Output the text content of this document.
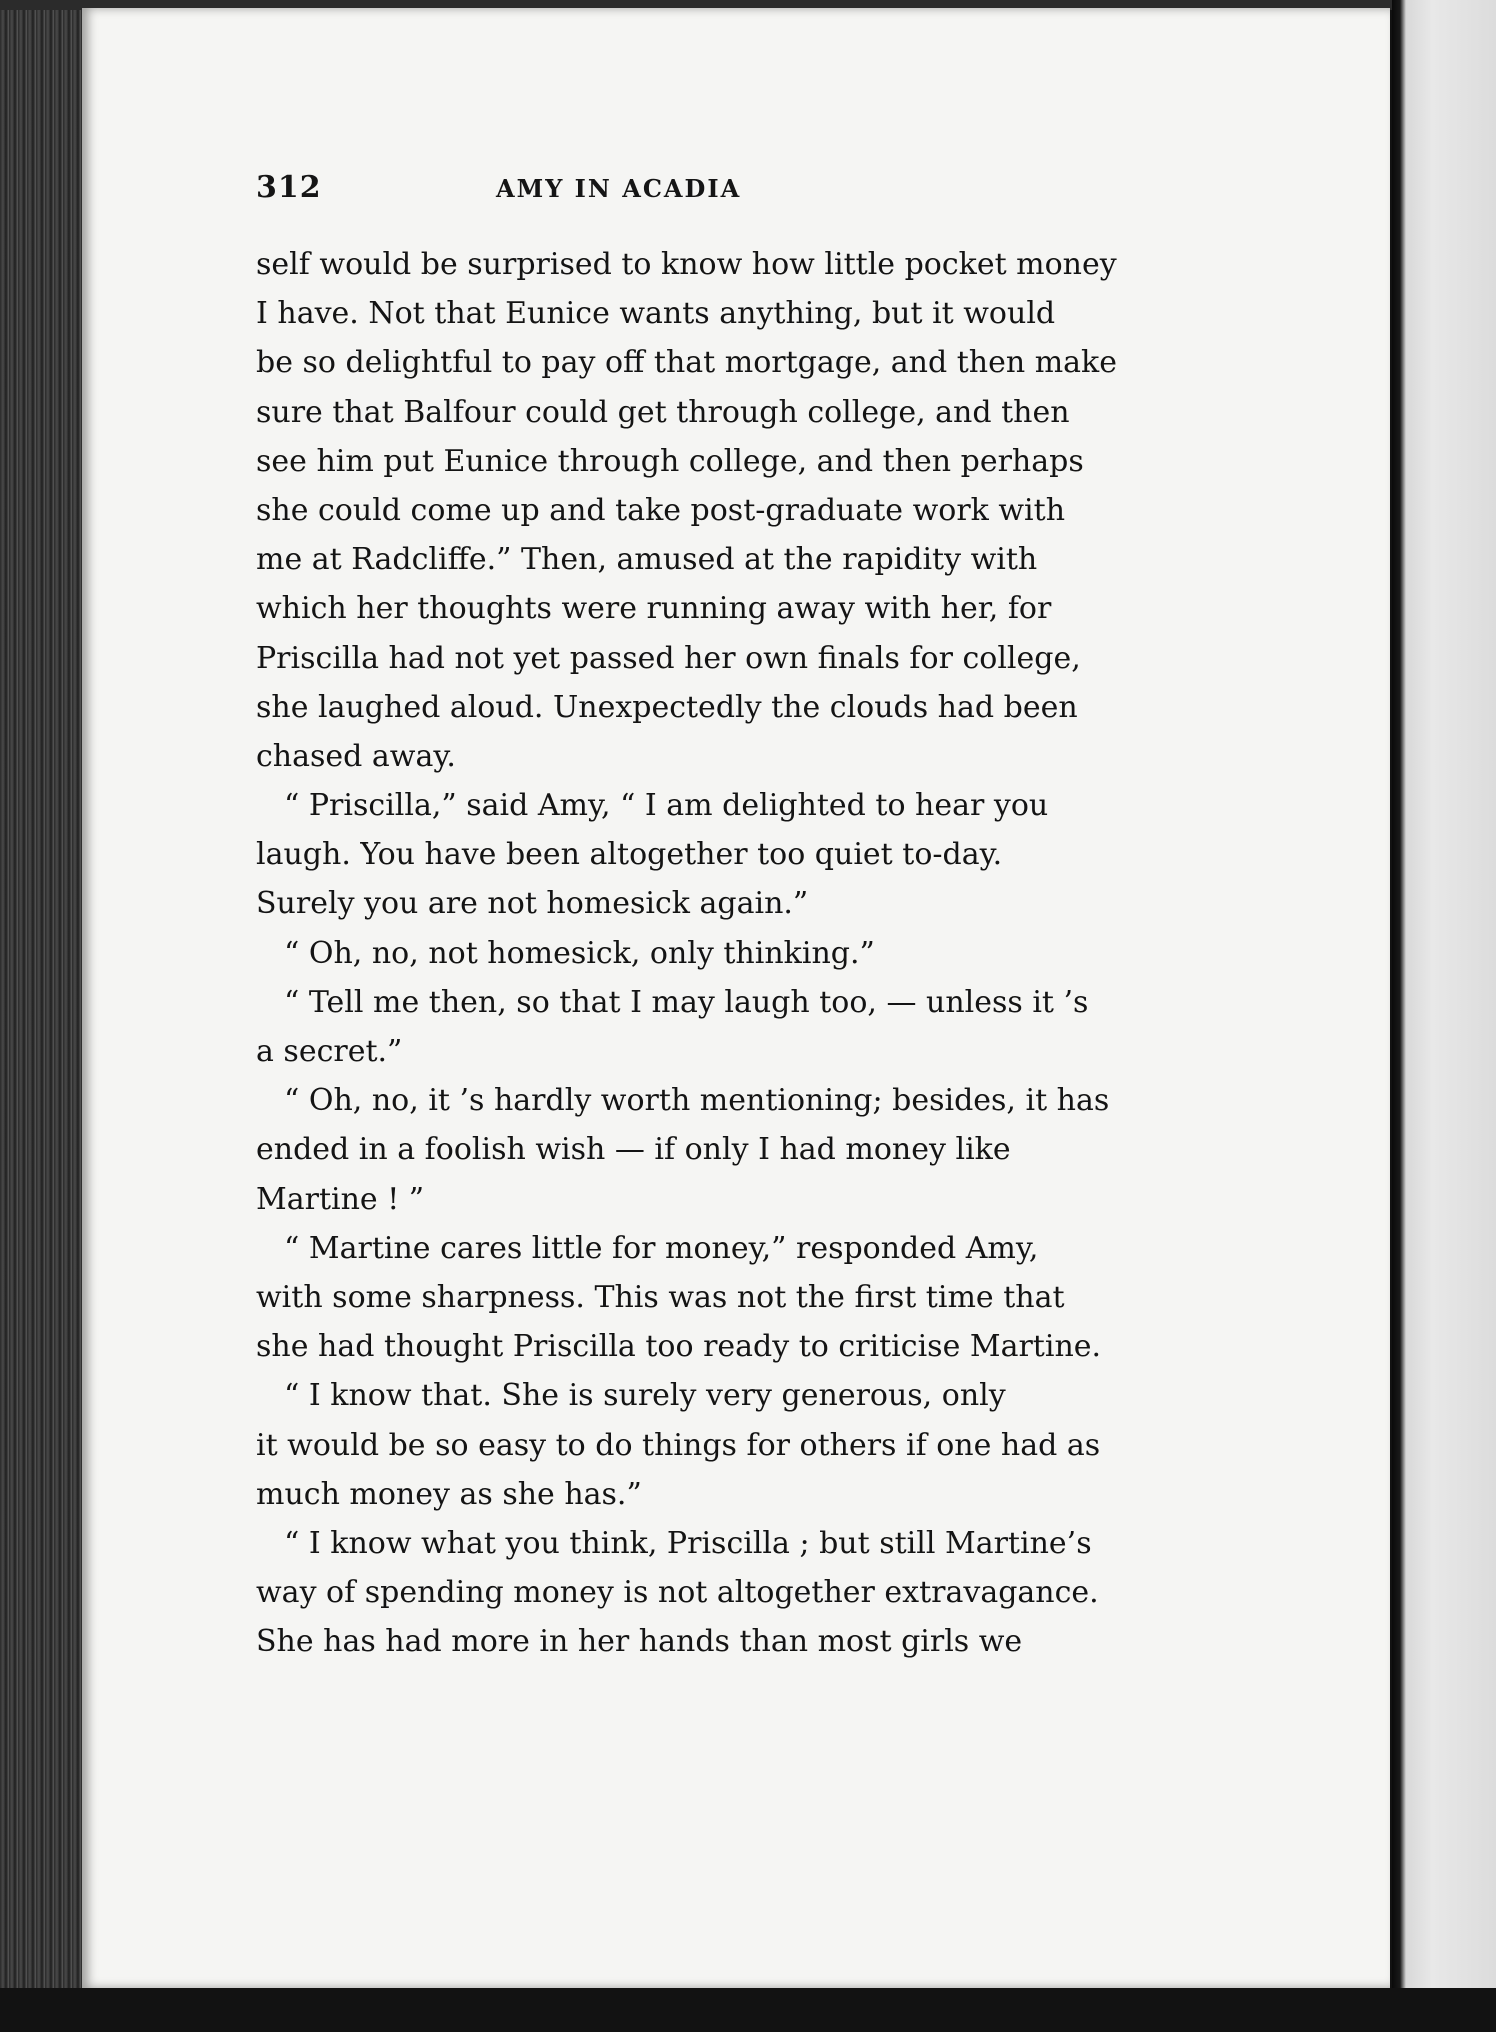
312	AMY IN ACADIA
self would be surprised to know how little pocket money
I have. Not that Eunice wants anything, but it would
be so delightful to pay off that mortgage, and then make
sure that Balfour could get through college, and then
see him put Eunice through college, and then perhaps
she could come up and take post-graduate work with
me at Radcliffe.” Then, amused at the rapidity with
which her thoughts were running away with her, for
Priscilla had not yet passed her own finals for college,
she laughed aloud. Unexpectedly the clouds had been
chased away.
“ Priscilla,” said Amy, “ I am delighted to hear you
laugh. You have been altogether too quiet to-day.
Surely you are not homesick again.”
“ Oh, no, not homesick, only thinking.”
“ Tell me then, so that I may laugh too, — unless it ’s
a secret.”
“ Oh, no, it ’s hardly worth mentioning; besides, it has
ended in a foolish wish — if only I had money like
Martine ! ”
“ Martine cares little for money,” responded Amy,
with some sharpness. This was not the first time that
she had thought Priscilla too ready to criticise Martine.
“ I know that. She is surely very generous, only
it would be so easy to do things for others if one had as
much money as she has.”
“ I know what you think, Priscilla ; but still Martine’s
way of spending money is not altogether extravagance.
She has had more in her hands than most girls we
